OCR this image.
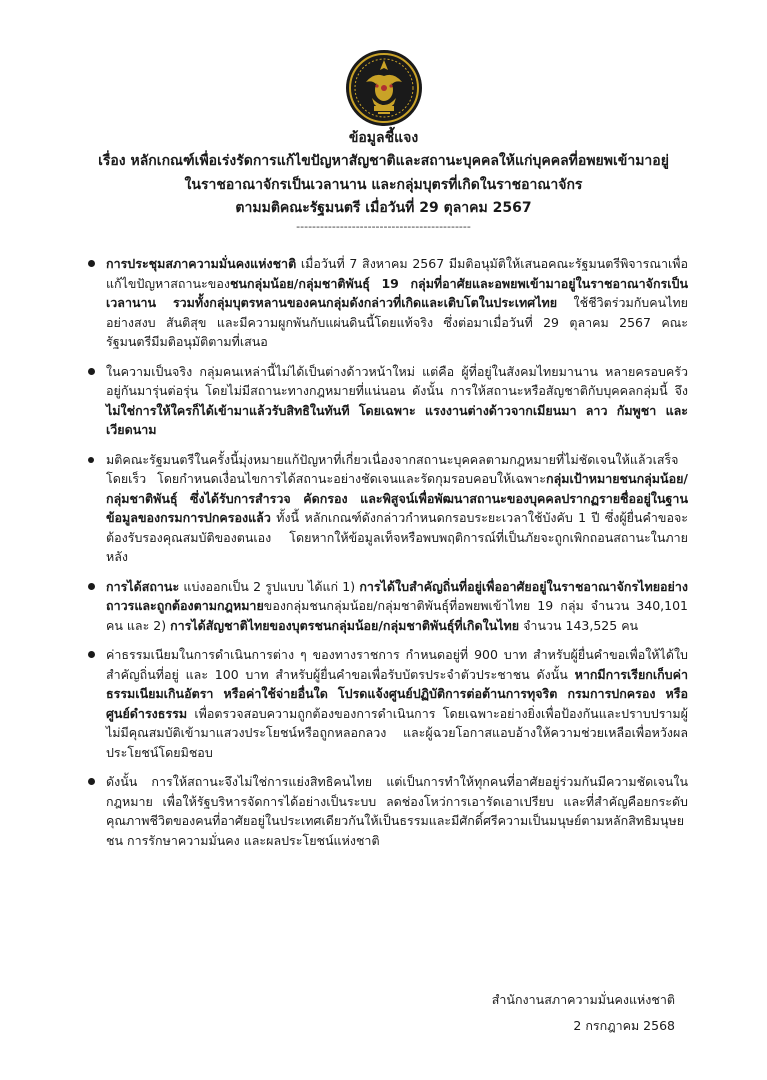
ข้อมูลชี้แจง
เรื่อง หลักเกณฑ์เพื่อเร่งรัดการแก้ไขปัญหาสัญชาติและสถานะบุคคลให้แก่บุคคลที่อพยพเข้ามาอยู่
ในราชอาณาจักรเป็นเวลานาน และกลุ่มบุตรที่เกิดในราชอาณาจักร
ตามมติคณะรัฐมนตรี เมื่อวันที่ 29 ตุลาคม 2567
--------------------------------------------
การประชุมสภาความมั่นคงแห่งชาติ เมื่อวันที่ 7 สิงหาคม 2567 มีมติอนุมัติให้เสนอคณะรัฐมนตรีพิจารณาเพื่อแก้ไขปัญหาสถานะของชนกลุ่มน้อย/กลุ่มชาติพันธุ์ 19 กลุ่มที่อาศัยและอพยพเข้ามาอยู่ในราชอาณาจักรเป็นเวลานาน รวมทั้งกลุ่มบุตรหลานของคนกลุ่มดังกล่าวที่เกิดและเติบโตในประเทศไทย ใช้ชีวิตร่วมกับคนไทยอย่างสงบ สันติสุข และมีความผูกพันกับแผ่นดินนี้โดยแท้จริง ซึ่งต่อมาเมื่อวันที่ 29 ตุลาคม 2567 คณะรัฐมนตรีมีมติอนุมัติตามที่เสนอ
ในความเป็นจริง กลุ่มคนเหล่านี้ไม่ได้เป็นต่างด้าวหน้าใหม่ แต่คือ ผู้ที่อยู่ในสังคมไทยมานาน หลายครอบครัวอยู่กันมารุ่นต่อรุ่น โดยไม่มีสถานะทางกฎหมายที่แน่นอน ดังนั้น การให้สถานะหรือสัญชาติกับบุคคลกลุ่มนี้ จึงไม่ใช่การให้ใครก็ได้เข้ามาแล้วรับสิทธิในทันที โดยเฉพาะ แรงงานต่างด้าวจากเมียนมา ลาว กัมพูชา และเวียดนาม
มติคณะรัฐมนตรีในครั้งนี้มุ่งหมายแก้ปัญหาที่เกี่ยวเนื่องจากสถานะบุคคลตามกฎหมายที่ไม่ชัดเจนให้แล้วเสร็จโดยเร็ว โดยกำหนดเงื่อนไขการได้สถานะอย่างชัดเจนและรัดกุมรอบคอบให้เฉพาะกลุ่มเป้าหมายชนกลุ่มน้อย/กลุ่มชาติพันธุ์ ซึ่งได้รับการสำรวจ คัดกรอง และพิสูจน์เพื่อพัฒนาสถานะของบุคคลปรากฏรายชื่ออยู่ในฐานข้อมูลของกรมการปกครองแล้ว ทั้งนี้ หลักเกณฑ์ดังกล่าวกำหนดกรอบระยะเวลาใช้บังคับ 1 ปี ซึ่งผู้ยื่นคำขอจะต้องรับรองคุณสมบัติของตนเอง โดยหากให้ข้อมูลเท็จหรือพบพฤติการณ์ที่เป็นภัยจะถูกเพิกถอนสถานะในภายหลัง
การได้สถานะ แบ่งออกเป็น 2 รูปแบบ ได้แก่ 1) การได้ใบสำคัญถิ่นที่อยู่เพื่ออาศัยอยู่ในราชอาณาจักรไทยอย่างถาวรและถูกต้องตามกฎหมายของกลุ่มชนกลุ่มน้อย/กลุ่มชาติพันธุ์ที่อพยพเข้าไทย 19 กลุ่ม จำนวน 340,101 คน และ 2) การได้สัญชาติไทยของบุตรชนกลุ่มน้อย/กลุ่มชาติพันธุ์ที่เกิดในไทย จำนวน 143,525 คน
ค่าธรรมเนียมในการดำเนินการต่าง ๆ ของทางราชการ กำหนดอยู่ที่ 900 บาท สำหรับผู้ยื่นคำขอเพื่อให้ได้ใบสำคัญถิ่นที่อยู่ และ 100 บาท สำหรับผู้ยื่นคำขอเพื่อรับบัตรประจำตัวประชาชน ดังนั้น หากมีการเรียกเก็บค่าธรรมเนียมเกินอัตรา หรือค่าใช้จ่ายอื่นใด โปรดแจ้งศูนย์ปฏิบัติการต่อต้านการทุจริต กรมการปกครอง หรือศูนย์ดำรงธรรม เพื่อตรวจสอบความถูกต้องของการดำเนินการ โดยเฉพาะอย่างยิ่งเพื่อป้องกันและปราบปรามผู้ไม่มีคุณสมบัติเข้ามาแสวงประโยชน์หรือถูกหลอกลวง และผู้ฉวยโอกาสแอบอ้างให้ความช่วยเหลือเพื่อหวังผลประโยชน์โดยมิชอบ
ดังนั้น การให้สถานะจึงไม่ใช่การแย่งสิทธิคนไทย แต่เป็นการทำให้ทุกคนที่อาศัยอยู่ร่วมกันมีความชัดเจนในกฎหมาย เพื่อให้รัฐบริหารจัดการได้อย่างเป็นระบบ ลดช่องโหว่การเอารัดเอาเปรียบ และที่สำคัญคือยกระดับคุณภาพชีวิตของคนที่อาศัยอยู่ในประเทศเดียวกันให้เป็นธรรมและมีศักดิ์ศรีความเป็นมนุษย์ตามหลักสิทธิมนุษยชน การรักษาความมั่นคง และผลประโยชน์แห่งชาติ
สำนักงานสภาความมั่นคงแห่งชาติ
2 กรกฎาคม 2568
